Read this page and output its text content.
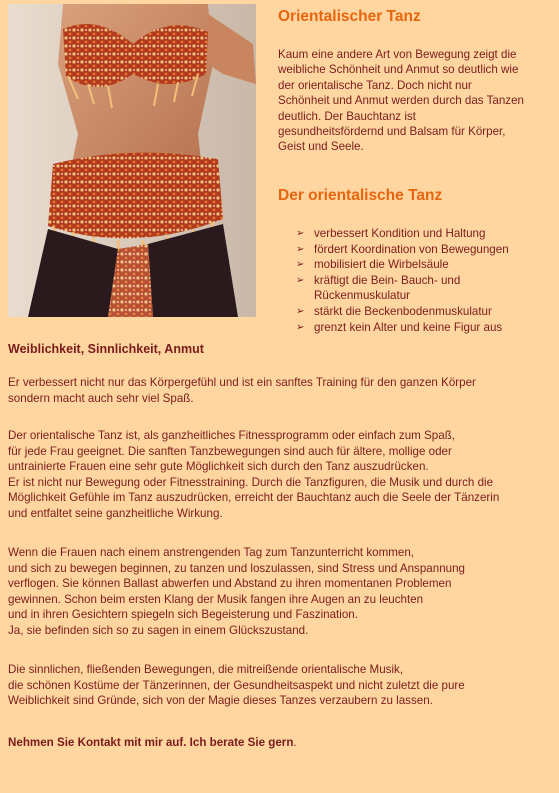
Orientalischer Tanz
Kaum eine andere Art von Bewegung zeigt die
weibliche Schönheit und Anmut so deutlich wie
der orientalische Tanz. Doch nicht nur
Schönheit und Anmut werden durch das Tanzen
deutlich. Der Bauchtanz ist
gesundheitsfördernd und Balsam für Körper,
Geist und Seele.
Der orientalische Tanz
➢ verbessert Kondition und Haltung
➢ fördert Koordination von Bewegungen
➢ mobilisiert die Wirbelsäule
➢ kräftigt die Bein- Bauch- und
Rückenmuskulatur
➢ stärkt die Beckenbodenmuskulatur
➢ grenzt kein Alter und keine Figur aus
Weiblichkeit, Sinnlichkeit, Anmut
Er verbessert nicht nur das Körpergefühl und ist ein sanftes Training für den ganzen Körper
sondern macht auch sehr viel Spaß.
Der orientalische Tanz ist, als ganzheitliches Fitnessprogramm oder einfach zum Spaß,
für jede Frau geeignet. Die sanften Tanzbewegungen sind auch für ältere, mollige oder
untrainierte Frauen eine sehr gute Möglichkeit sich durch den Tanz auszudrücken.
Er ist nicht nur Bewegung oder Fitnesstraining. Durch die Tanzfiguren, die Musik und durch die
Möglichkeit Gefühle im Tanz auszudrücken, erreicht der Bauchtanz auch die Seele der Tänzerin
und entfaltet seine ganzheitliche Wirkung.
Wenn die Frauen nach einem anstrengenden Tag zum Tanzunterricht kommen,
und sich zu bewegen beginnen, zu tanzen und loszulassen, sind Stress und Anspannung
verflogen. Sie können Ballast abwerfen und Abstand zu ihren momentanen Problemen
gewinnen. Schon beim ersten Klang der Musik fangen ihre Augen an zu leuchten
und in ihren Gesichtern spiegeln sich Begeisterung und Faszination.
Ja, sie befinden sich so zu sagen in einem Glückszustand.
Die sinnlichen, fließenden Bewegungen, die mitreißende orientalische Musik,
die schönen Kostüme der Tänzerinnen, der Gesundheitsaspekt und nicht zuletzt die pure
Weiblichkeit sind Gründe, sich von der Magie dieses Tanzes verzaubern zu lassen.
Nehmen Sie Kontakt mit mir auf. Ich berate Sie gern.
